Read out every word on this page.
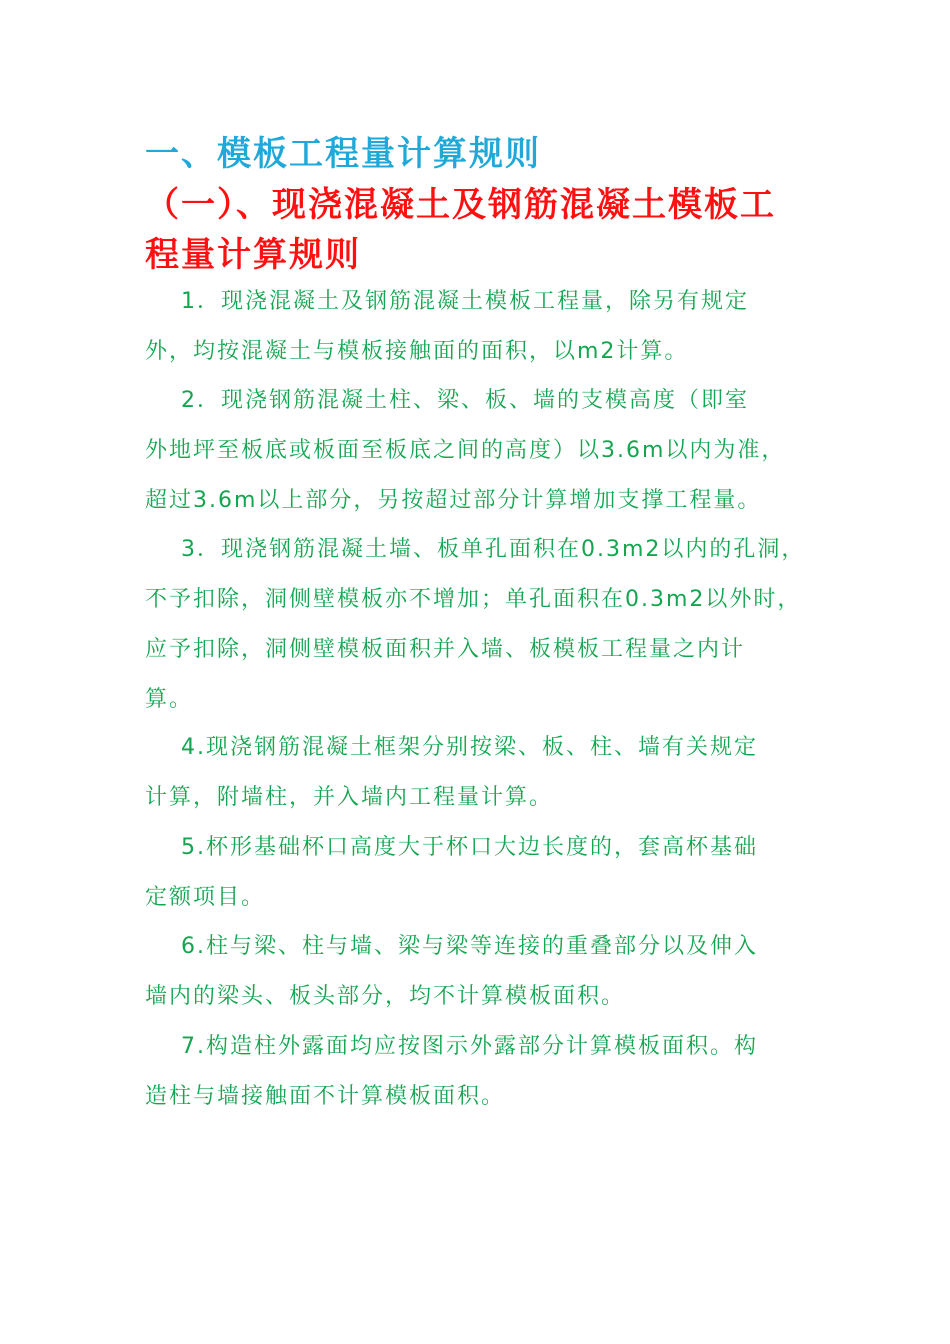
一、模板工程量计算规则
（一）、现浇混凝土及钢筋混凝土模板工
程量计算规则
1．现浇混凝土及钢筋混凝土模板工程量，除另有规定
外，均按混凝土与模板接触面的面积，以m2计算。
2．现浇钢筋混凝土柱、梁、板、墙的支模高度（即室
外地坪至板底或板面至板底之间的高度）以3.6m以内为准，
超过3.6m以上部分，另按超过部分计算增加支撑工程量。
3．现浇钢筋混凝土墙、板单孔面积在0.3m2以内的孔洞，
不予扣除，洞侧壁模板亦不增加；单孔面积在0.3m2以外时，
应予扣除，洞侧壁模板面积并入墙、板模板工程量之内计
算。
4.现浇钢筋混凝土框架分别按梁、板、柱、墙有关规定
计算，附墙柱，并入墙内工程量计算。
5.杯形基础杯口高度大于杯口大边长度的，套高杯基础
定额项目。
6.柱与梁、柱与墙、梁与梁等连接的重叠部分以及伸入
墙内的梁头、板头部分，均不计算模板面积。
7.构造柱外露面均应按图示外露部分计算模板面积。构
造柱与墙接触面不计算模板面积。
